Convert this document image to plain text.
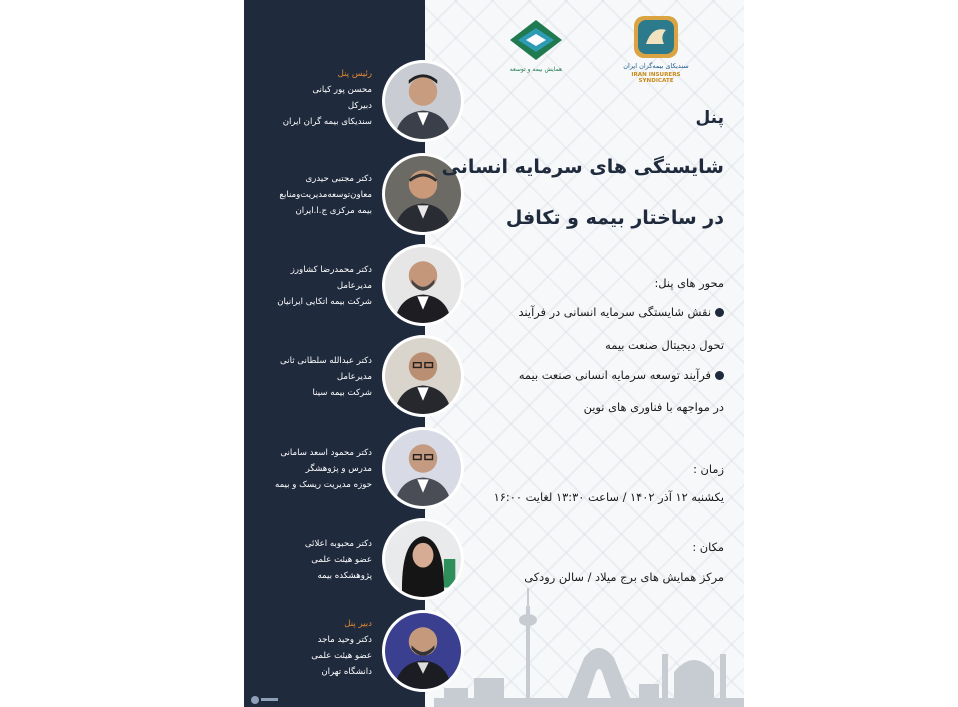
رئیس پنل
محسن پور کیانی
دبیرکل
سندیکای بیمه گران ایران
دکتر مجتبی حیدری
معاون‌توسعه‌مدیریت‌ومنابع
بیمه مرکزی ج.ا.ایران
دکتر محمدرضا کشاورز
مدیرعامل
شرکت بیمه اتکایی ایرانیان
دکتر عبدالله سلطانی ثانی
مدیرعامل
شرکت بیمه سینا
دکتر محمود اسعد سامانی
مدرس و پژوهشگر
حوزه مدیریت ریسک و بیمه
دکتر محبوبه اعلائی
عضو هیئت علمی
پژوهشکده بیمه
دبیر پنل
دکتر وحید ماجد
عضو هیئت علمی
دانشگاه تهران
همایش بیمه و توسعه	سندیکای بیمه‌گران ایران
IRAN INSURERS SYNDICATE
پنل
شایستگی های سرمایه انسانی
در ساختار بیمه و تکافل
محور های پنل:
نقش شایستگی سرمایه انسانی در فرآیند
تحول دیجیتال صنعت بیمه
فرآیند توسعه سرمایه انسانی صنعت بیمه
در مواجهه با فناوری های نوین
زمان :
یکشنبه ۱۲ آذر ۱۴۰۲ / ساعت ۱۳:۳۰ لغایت ۱۶:۰۰
مکان :
مرکز همایش های برج میلاد / سالن رودکی
